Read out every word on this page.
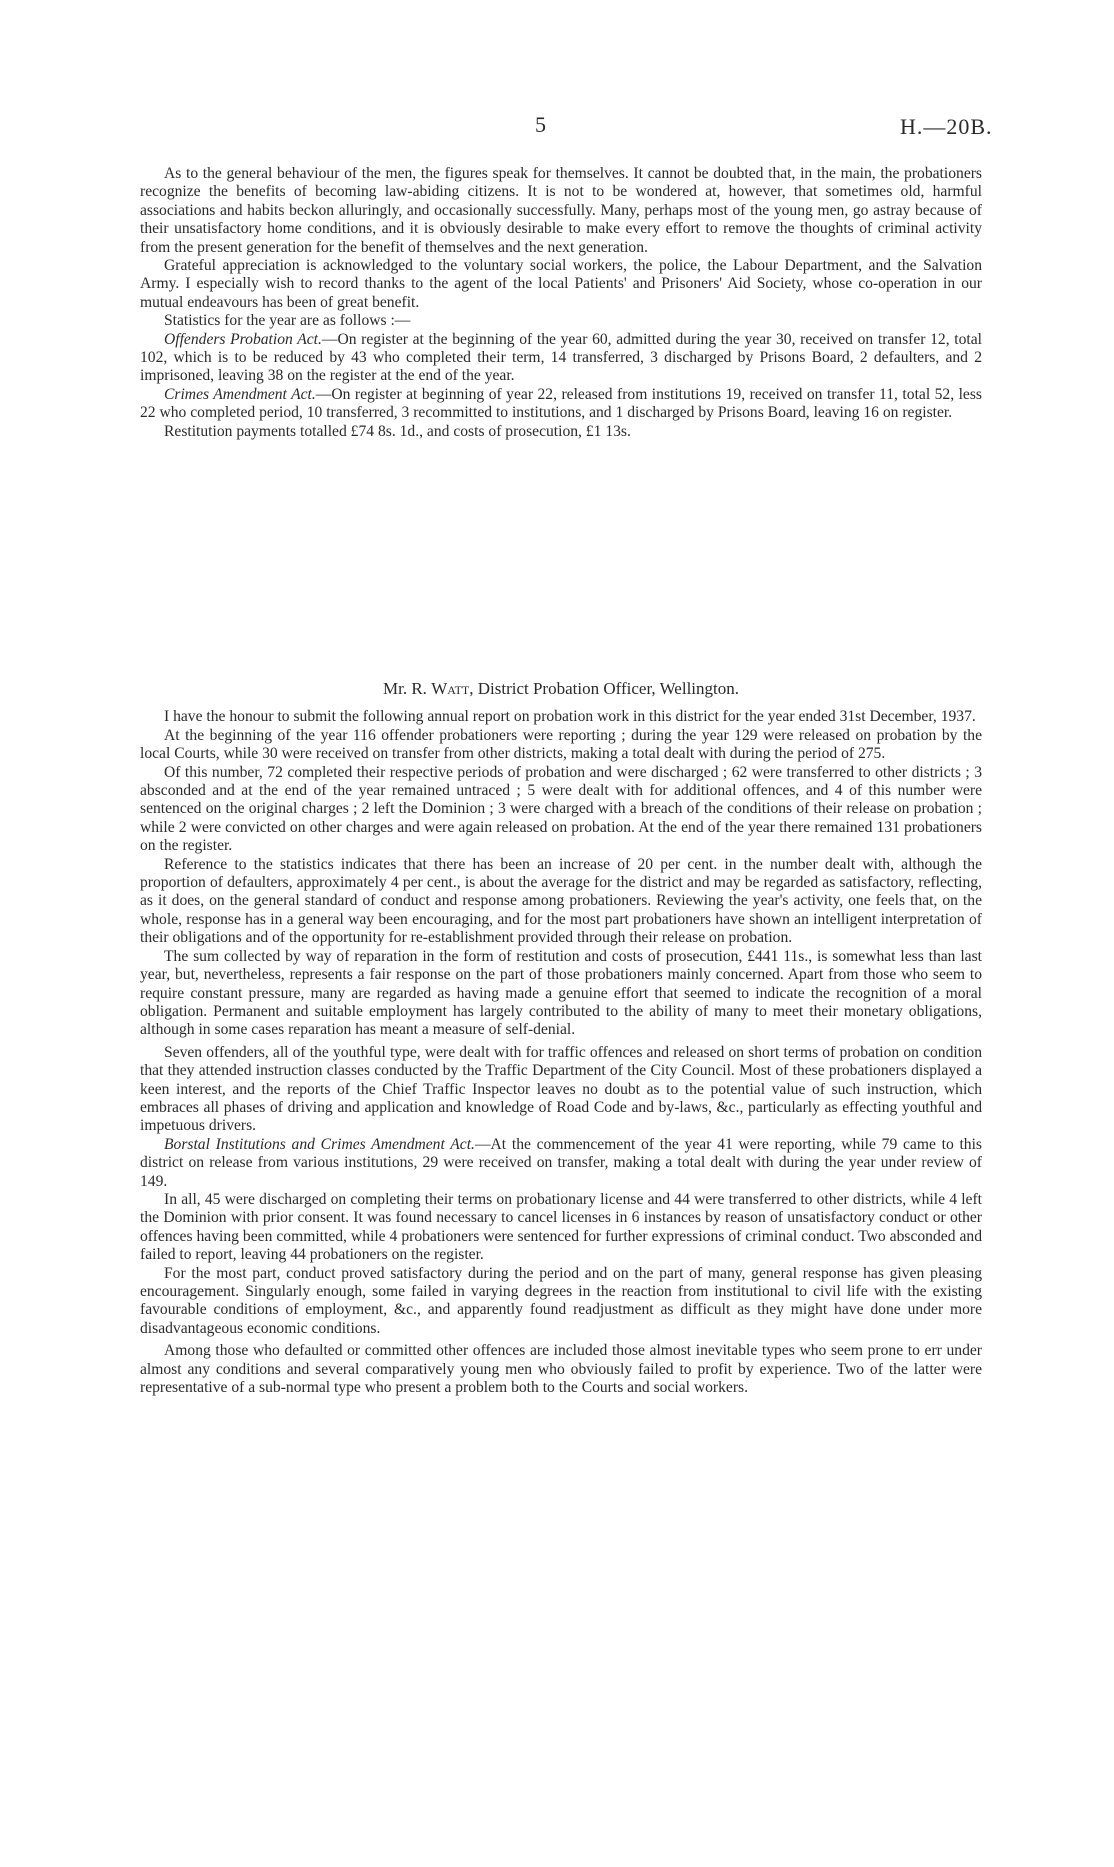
5	H.—20B.

As to the general behaviour of the men, the figures speak for themselves. It cannot be doubted that, in the main, the probationers recognize the benefits of becoming law-abiding citizens. It is not to be wondered at, however, that sometimes old, harmful associations and habits beckon alluringly, and occasionally successfully. Many, perhaps most of the young men, go astray because of their unsatisfactory home conditions, and it is obviously desirable to make every effort to remove the thoughts of criminal activity from the present generation for the benefit of themselves and the next generation.

Grateful appreciation is acknowledged to the voluntary social workers, the police, the Labour Department, and the Salvation Army. I especially wish to record thanks to the agent of the local Patients' and Prisoners' Aid Society, whose co-operation in our mutual endeavours has been of great benefit.

Statistics for the year are as follows :—

Offenders Probation Act.—On register at the beginning of the year 60, admitted during the year 30, received on transfer 12, total 102, which is to be reduced by 43 who completed their term, 14 transferred, 3 discharged by Prisons Board, 2 defaulters, and 2 imprisoned, leaving 38 on the register at the end of the year.

Crimes Amendment Act.—On register at beginning of year 22, released from institutions 19, received on transfer 11, total 52, less 22 who completed period, 10 transferred, 3 recommitted to institutions, and 1 discharged by Prisons Board, leaving 16 on register.

Restitution payments totalled £74 8s. 1d., and costs of prosecution, £1 13s.

Mr. R. Watt, District Probation Officer, Wellington.

I have the honour to submit the following annual report on probation work in this district for the year ended 31st December, 1937.

At the beginning of the year 116 offender probationers were reporting ; during the year 129 were released on probation by the local Courts, while 30 were received on transfer from other districts, making a total dealt with during the period of 275.

Of this number, 72 completed their respective periods of probation and were discharged ; 62 were transferred to other districts ; 3 absconded and at the end of the year remained untraced ; 5 were dealt with for additional offences, and 4 of this number were sentenced on the original charges ; 2 left the Dominion ; 3 were charged with a breach of the conditions of their release on probation ; while 2 were convicted on other charges and were again released on probation. At the end of the year there remained 131 probationers on the register.

Reference to the statistics indicates that there has been an increase of 20 per cent. in the number dealt with, although the proportion of defaulters, approximately 4 per cent., is about the average for the district and may be regarded as satisfactory, reflecting, as it does, on the general standard of conduct and response among probationers. Reviewing the year's activity, one feels that, on the whole, response has in a general way been encouraging, and for the most part probationers have shown an intelligent interpretation of their obligations and of the opportunity for re-establishment provided through their release on probation.

The sum collected by way of reparation in the form of restitution and costs of prosecution, £441 11s., is somewhat less than last year, but, nevertheless, represents a fair response on the part of those probationers mainly concerned. Apart from those who seem to require constant pressure, many are regarded as having made a genuine effort that seemed to indicate the recognition of a moral obligation. Permanent and suitable employment has largely contributed to the ability of many to meet their monetary obligations, although in some cases reparation has meant a measure of self-denial.

Seven offenders, all of the youthful type, were dealt with for traffic offences and released on short terms of probation on condition that they attended instruction classes conducted by the Traffic Department of the City Council. Most of these probationers displayed a keen interest, and the reports of the Chief Traffic Inspector leaves no doubt as to the potential value of such instruction, which embraces all phases of driving and application and knowledge of Road Code and by-laws, &c., particularly as effecting youthful and impetuous drivers.

Borstal Institutions and Crimes Amendment Act.—At the commencement of the year 41 were reporting, while 79 came to this district on release from various institutions, 29 were received on transfer, making a total dealt with during the year under review of 149.

In all, 45 were discharged on completing their terms on probationary license and 44 were transferred to other districts, while 4 left the Dominion with prior consent. It was found necessary to cancel licenses in 6 instances by reason of unsatisfactory conduct or other offences having been committed, while 4 probationers were sentenced for further expressions of criminal conduct. Two absconded and failed to report, leaving 44 probationers on the register.

For the most part, conduct proved satisfactory during the period and on the part of many, general response has given pleasing encouragement. Singularly enough, some failed in varying degrees in the reaction from institutional to civil life with the existing favourable conditions of employment, &c., and apparently found readjustment as difficult as they might have done under more disadvantageous economic conditions.

Among those who defaulted or committed other offences are included those almost inevitable types who seem prone to err under almost any conditions and several comparatively young men who obviously failed to profit by experience. Two of the latter were representative of a sub-normal type who present a problem both to the Courts and social workers.
